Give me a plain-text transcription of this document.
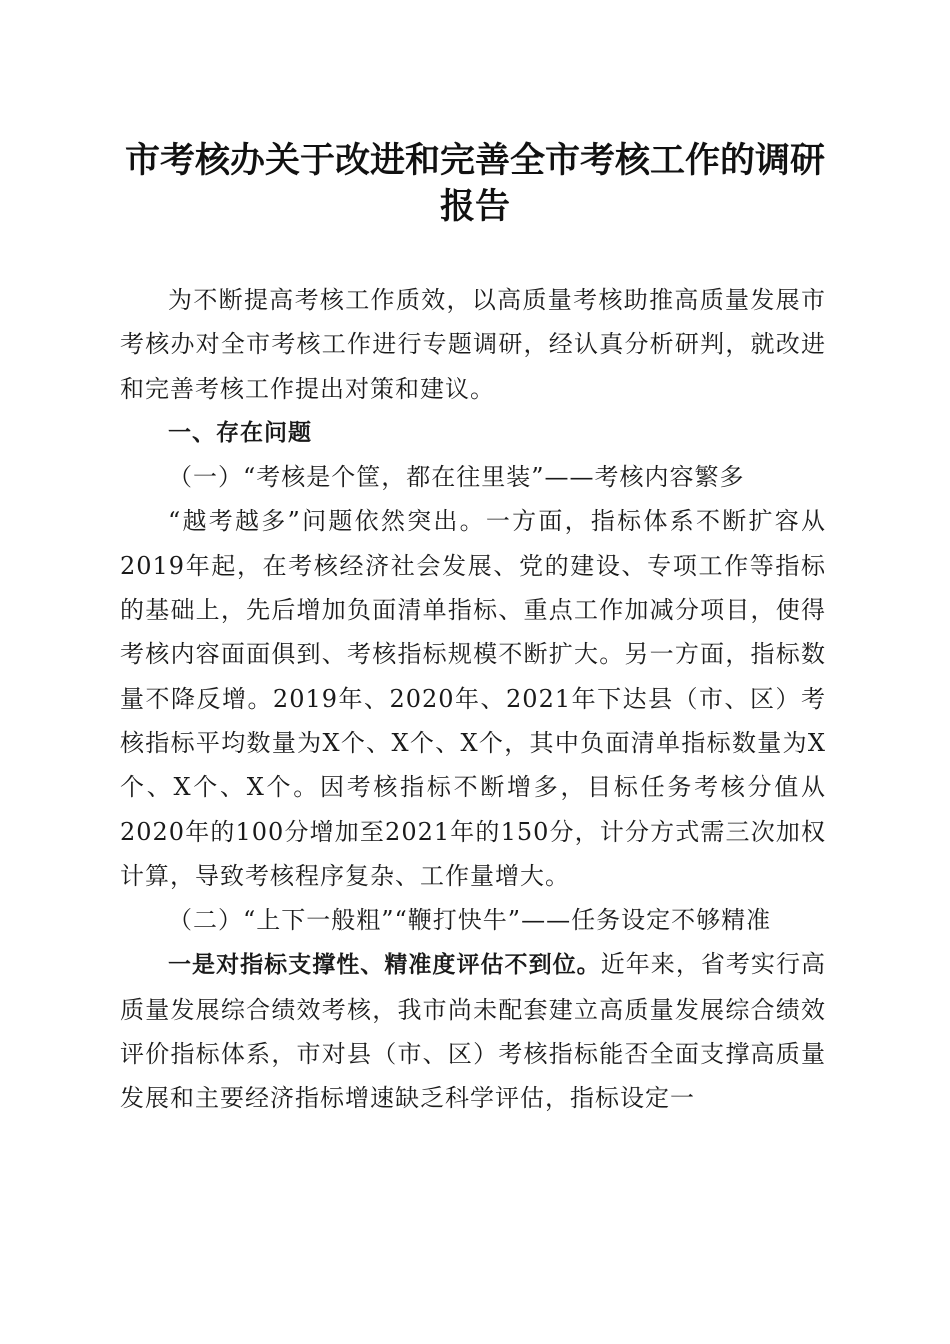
市考核办关于改进和完善全市考核工作的调研
报告

为不断提高考核工作质效，以高质量考核助推高质量发展市考核办对全市考核工作进行专题调研，经认真分析研判，就改进和完善考核工作提出对策和建议。

一、存在问题

（一）“考核是个筐，都在往里装”——考核内容繁多

“越考越多”问题依然突出。一方面，指标体系不断扩容从2019年起，在考核经济社会发展、党的建设、专项工作等指标的基础上，先后增加负面清单指标、重点工作加减分项目，使得考核内容面面俱到、考核指标规模不断扩大。另一方面，指标数量不降反增。2019年、2020年、2021年下达县（市、区）考核指标平均数量为X个、X个、X个，其中负面清单指标数量为X个、X个、X个。因考核指标不断增多，目标任务考核分值从2020年的100分增加至2021年的150分，计分方式需三次加权计算，导致考核程序复杂、工作量增大。

（二）“上下一般粗”“鞭打快牛”——任务设定不够精准

一是对指标支撑性、精准度评估不到位。近年来，省考实行高质量发展综合绩效考核，我市尚未配套建立高质量发展综合绩效评价指标体系，市对县（市、区）考核指标能否全面支撑高质量发展和主要经济指标增速缺乏科学评估，指标设定一
